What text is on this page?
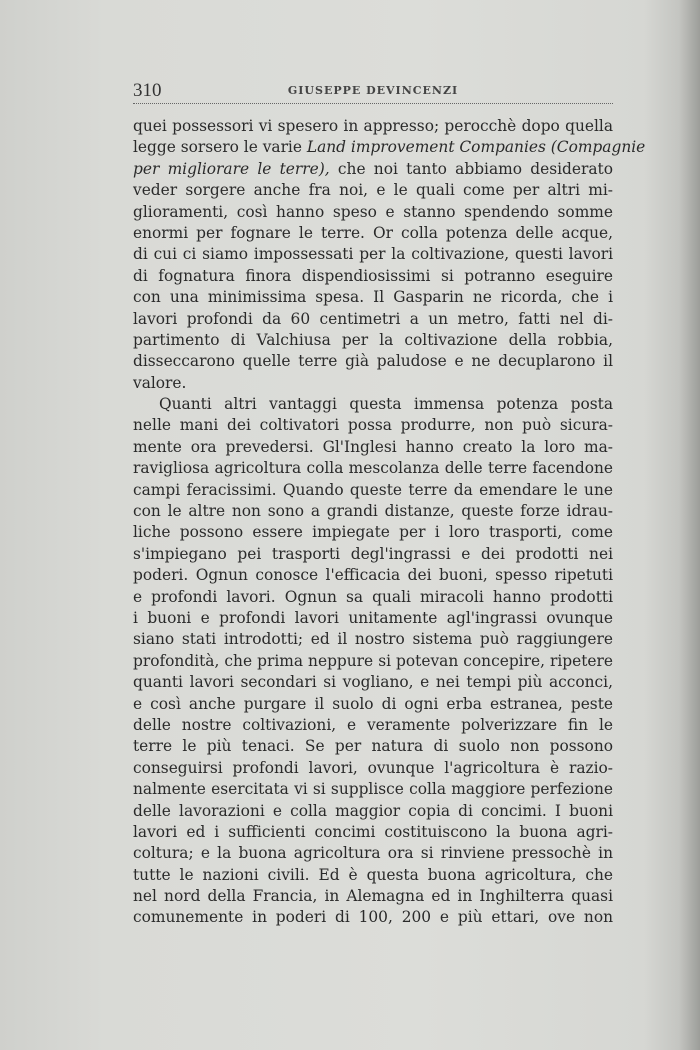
310	GIUSEPPE DEVINCENZI
quei possessori vi spesero in appresso; perocchè dopo quella
legge sorsero le varie Land improvement Companies (Compagnie
per migliorare le terre), che noi tanto abbiamo desiderato
veder sorgere anche fra noi, e le quali come per altri mi-
glioramenti, così hanno speso e stanno spendendo somme
enormi per fognare le terre. Or colla potenza delle acque,
di cui ci siamo impossessati per la coltivazione, questi lavori
di fognatura finora dispendiosissimi si potranno eseguire
con una minimissima spesa. Il Gasparin ne ricorda, che i
lavori profondi da 60 centimetri a un metro, fatti nel di-
partimento di Valchiusa per la coltivazione della robbia,
disseccarono quelle terre già paludose e ne decuplarono il
valore.
Quanti altri vantaggi questa immensa potenza posta
nelle mani dei coltivatori possa produrre, non può sicura-
mente ora prevedersi. Gl'Inglesi hanno creato la loro ma-
ravigliosa agricoltura colla mescolanza delle terre facendone
campi feracissimi. Quando queste terre da emendare le une
con le altre non sono a grandi distanze, queste forze idrau-
liche possono essere impiegate per i loro trasporti, come
s'impiegano pei trasporti degl'ingrassi e dei prodotti nei
poderi. Ognun conosce l'efficacia dei buoni, spesso ripetuti
e profondi lavori. Ognun sa quali miracoli hanno prodotti
i buoni e profondi lavori unitamente agl'ingrassi ovunque
siano stati introdotti; ed il nostro sistema può raggiungere
profondità, che prima neppure si potevan concepire, ripetere
quanti lavori secondari si vogliano, e nei tempi più acconci,
e così anche purgare il suolo di ogni erba estranea, peste
delle nostre coltivazioni, e veramente polverizzare fin le
terre le più tenaci. Se per natura di suolo non possono
conseguirsi profondi lavori, ovunque l'agricoltura è razio-
nalmente esercitata vi si supplisce colla maggiore perfezione
delle lavorazioni e colla maggior copia di concimi. I buoni
lavori ed i sufficienti concimi costituiscono la buona agri-
coltura; e la buona agricoltura ora si rinviene pressochè in
tutte le nazioni civili. Ed è questa buona agricoltura, che
nel nord della Francia, in Alemagna ed in Inghilterra quasi
comunemente in poderi di 100, 200 e più ettari, ove non
